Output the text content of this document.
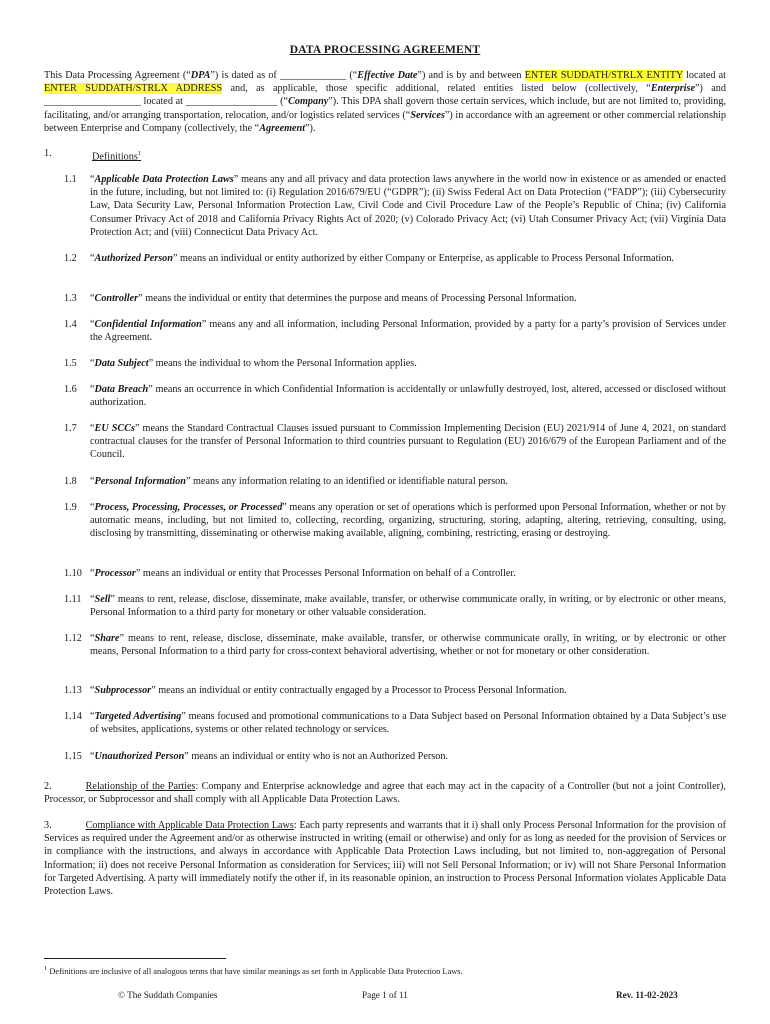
DATA PROCESSING AGREEMENT
This Data Processing Agreement (“DPA”) is dated as of _____________ (“Effective Date”) and is by and between ENTER SUDDATH/STRLX ENTITY located at ENTER SUDDATH/STRLX ADDRESS and, as applicable, those specific additional, related entities listed below (collectively, “Enterprise”) and ___________________ located at __________________ (“Company”). This DPA shall govern those certain services, which include, but are not limited to, providing, facilitating, and/or arranging transportation, relocation, and/or logistics related services (“Services”) in accordance with an agreement or other commercial relationship between Enterprise and Company (collectively, the “Agreement”).
1.	Definitions$^1$
1.1 “Applicable Data Protection Laws” means any and all privacy and data protection laws anywhere in the world now in existence or as amended or enacted in the future, including, but not limited to: (i) Regulation 2016/679/EU (“GDPR”); (ii) Swiss Federal Act on Data Protection (“FADP”); (iii) Cybersecurity Law, Data Security Law, Personal Information Protection Law, Civil Code and Civil Procedure Law of the People’s Republic of China; (iv) California Consumer Privacy Act of 2018 and California Privacy Rights Act of 2020; (v) Colorado Privacy Act; (vi) Utah Consumer Privacy Act; (vii) Virginia Data Protection Act; and (viii) Connecticut Data Privacy Act.
1.2 “Authorized Person” means an individual or entity authorized by either Company or Enterprise, as applicable to Process Personal Information.
1.3 “Controller” means the individual or entity that determines the purpose and means of Processing Personal Information.
1.4 “Confidential Information” means any and all information, including Personal Information, provided by a party for a party’s provision of Services under the Agreement.
1.5 “Data Subject” means the individual to whom the Personal Information applies.
1.6 “Data Breach” means an occurrence in which Confidential Information is accidentally or unlawfully destroyed, lost, altered, accessed or disclosed without authorization.
1.7 “EU SCCs” means the Standard Contractual Clauses issued pursuant to Commission Implementing Decision (EU) 2021/914 of June 4, 2021, on standard contractual clauses for the transfer of Personal Information to third countries pursuant to Regulation (EU) 2016/679 of the European Parliament and of the Council.
1.8 “Personal Information” means any information relating to an identified or identifiable natural person.
1.9 “Process, Processing, Processes, or Processed” means any operation or set of operations which is performed upon Personal Information, whether or not by automatic means, including, but not limited to, collecting, recording, organizing, structuring, storing, adapting, altering, retrieving, consulting, using, disclosing by transmitting, disseminating or otherwise making available, aligning, combining, restricting, erasing or destroying.
1.10 “Processor” means an individual or entity that Processes Personal Information on behalf of a Controller.
1.11 “Sell” means to rent, release, disclose, disseminate, make available, transfer, or otherwise communicate orally, in writing, or by electronic or other means, Personal Information to a third party for monetary or other valuable consideration.
1.12 “Share” means to rent, release, disclose, disseminate, make available, transfer, or otherwise communicate orally, in writing, or by electronic or other means, Personal Information to a third party for cross-context behavioral advertising, whether or not for monetary or other consideration.
1.13 “Subprocessor” means an individual or entity contractually engaged by a Processor to Process Personal Information.
1.14 “Targeted Advertising” means focused and promotional communications to a Data Subject based on Personal Information obtained by a Data Subject’s use of websites, applications, systems or other related technology or services.
1.15 “Unauthorized Person” means an individual or entity who is not an Authorized Person.
2.	Relationship of the Parties: Company and Enterprise acknowledge and agree that each may act in the capacity of a Controller (but not a joint Controller), Processor, or Subprocessor and shall comply with all Applicable Data Protection Laws.
3.	Compliance with Applicable Data Protection Laws: Each party represents and warrants that it i) shall only Process Personal Information for the provision of Services as required under the Agreement and/or as otherwise instructed in writing (email or otherwise) and only for as long as needed for the provision of Services or in compliance with the instructions, and always in accordance with Applicable Data Protection Laws including, but not limited to, non-aggregation of Personal Information; ii) does not receive Personal Information as consideration for Services; iii) will not Sell Personal Information; or iv) will not Share Personal Information for Targeted Advertising. A party will immediately notify the other if, in its reasonable opinion, an instruction to Process Personal Information violates Applicable Data Protection Laws.
$^1$ Definitions are inclusive of all analogous terms that have similar meanings as set forth in Applicable Data Protection Laws.
© The Suddath Companies	Page 1 of 11	Rev. 11-02-2023
